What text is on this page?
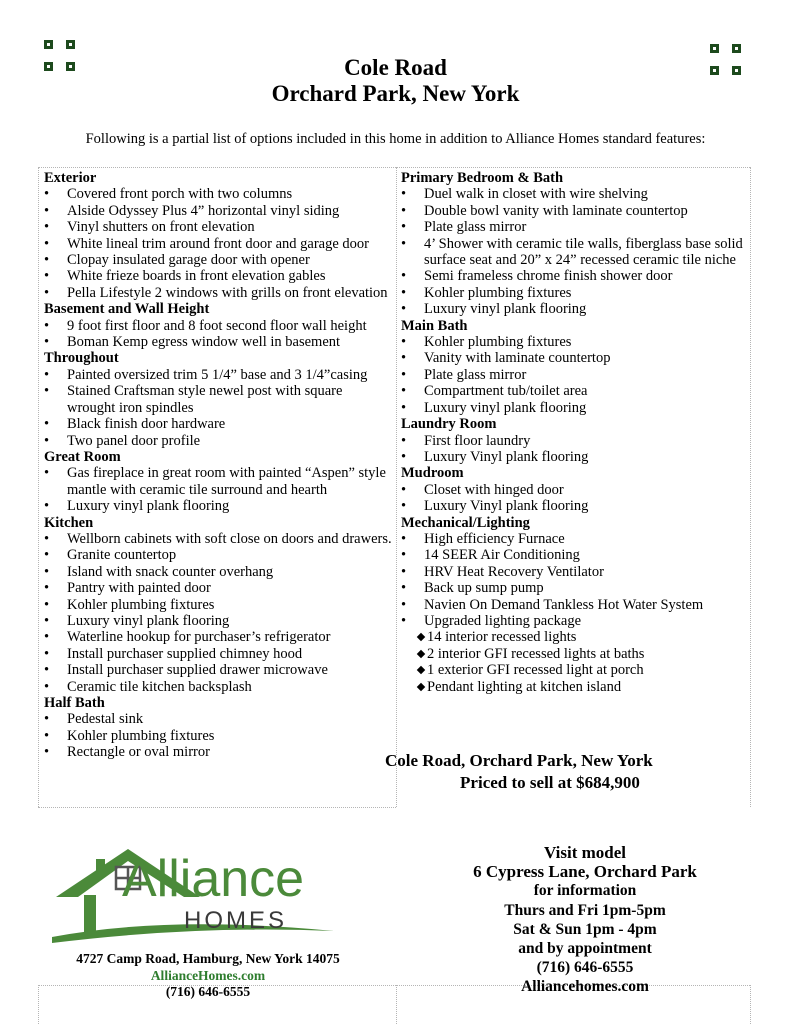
Cole Road
Orchard Park, New York
Following is a partial list of options included in this home in addition to Alliance Homes standard features:
Exterior
• Covered front porch with two columns
• Alside Odyssey Plus 4” horizontal vinyl siding
• Vinyl shutters on front elevation
• White lineal trim around front door and garage door
• Clopay insulated garage door with opener
• White frieze boards in front elevation gables
• Pella Lifestyle 2 windows with grills on front elevation
Basement and Wall Height
• 9 foot first floor and 8 foot second floor wall height
• Boman Kemp egress window well in basement
Throughout
• Painted oversized trim 5 1/4” base and 3 1/4”casing
• Stained Craftsman style newel post with square wrought iron spindles
• Black finish door hardware
• Two panel door profile
Great Room
• Gas fireplace in great room with painted “Aspen” style mantle with ceramic tile surround and hearth
• Luxury vinyl plank flooring
Kitchen
• Wellborn cabinets with soft close on doors and drawers.
• Granite countertop
• Island with snack counter overhang
• Pantry with painted door
• Kohler plumbing fixtures
• Luxury vinyl plank flooring
• Waterline hookup for purchaser’s refrigerator
• Install purchaser supplied chimney hood
• Install purchaser supplied drawer microwave
• Ceramic tile kitchen backsplash
Half Bath
• Pedestal sink
• Kohler plumbing fixtures
• Rectangle or oval mirror
Primary Bedroom & Bath
• Duel walk in closet with wire shelving
• Double bowl vanity with laminate countertop
• Plate glass mirror
• 4’ Shower with ceramic tile walls, fiberglass base solid surface seat and 20” x 24” recessed ceramic tile niche
• Semi frameless chrome finish shower door
• Kohler plumbing fixtures
• Luxury vinyl plank flooring
Main Bath
• Kohler plumbing fixtures
• Vanity with laminate countertop
• Plate glass mirror
• Compartment tub/toilet area
• Luxury vinyl plank flooring
Laundry Room
• First floor laundry
• Luxury Vinyl plank flooring
Mudroom
• Closet with hinged door
• Luxury Vinyl plank flooring
Mechanical/Lighting
• High efficiency Furnace
• 14 SEER Air Conditioning
• HRV Heat Recovery Ventilator
• Back up sump pump
• Navien On Demand Tankless Hot Water System
• Upgraded lighting package
14 interior recessed lights
2 interior GFI recessed lights at baths
1 exterior GFI recessed light at porch
Pendant lighting at kitchen island
Cole Road, Orchard Park, New York
Priced to sell at $684,900
Visit model
6 Cypress Lane, Orchard Park
for information
Thurs and Fri 1pm-5pm
Sat & Sun 1pm - 4pm
and by appointment
(716) 646-6555
Alliancehomes.com
Alliance
HOMES
4727 Camp Road, Hamburg, New York 14075
AllianceHomes.com
(716) 646-6555
